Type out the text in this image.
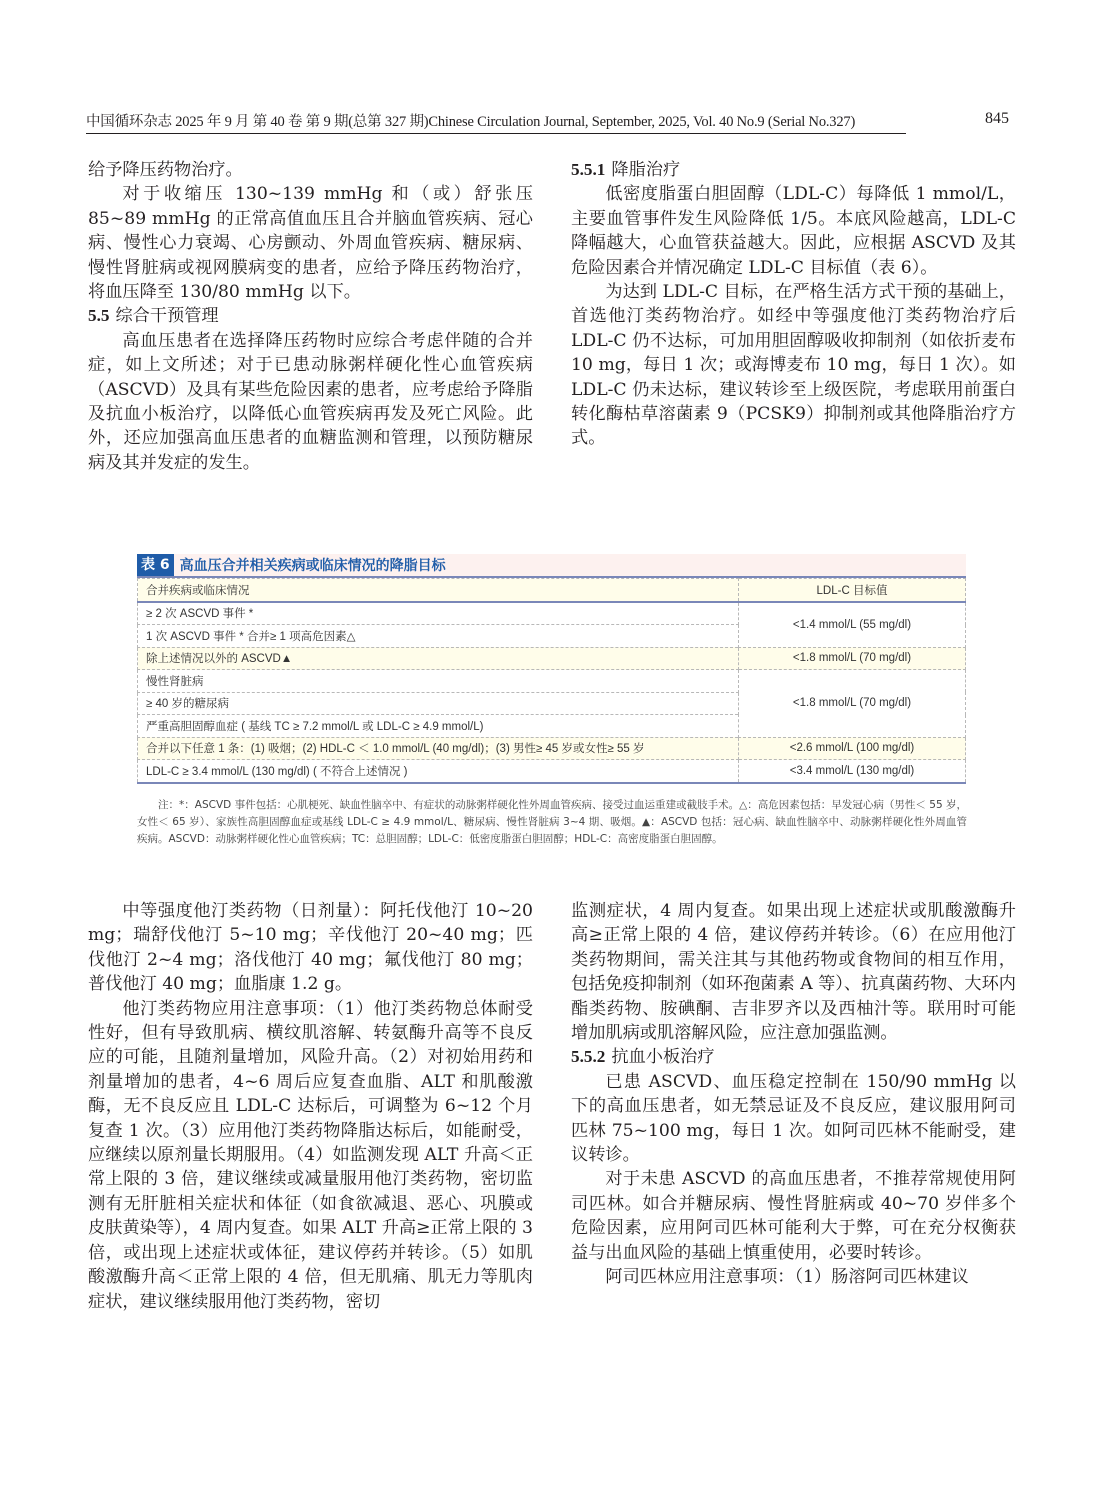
中国循环杂志 2025 年 9 月 第 40 卷 第 9 期(总第 327 期)Chinese Circulation Journal, September, 2025, Vol. 40 No.9 (Serial No.327)	845

给予降压药物治疗。

对于收缩压 130~139 mmHg 和（或）舒张压 85~89 mmHg 的正常高值血压且合并脑血管疾病、冠心病、慢性心力衰竭、心房颤动、外周血管疾病、糖尿病、慢性肾脏病或视网膜病变的患者，应给予降压药物治疗，将血压降至 130/80 mmHg 以下。

5.5 综合干预管理

高血压患者在选择降压药物时应综合考虑伴随的合并症，如上文所述；对于已患动脉粥样硬化性心血管疾病（ASCVD）及具有某些危险因素的患者，应考虑给予降脂及抗血小板治疗，以降低心血管疾病再发及死亡风险。此外，还应加强高血压患者的血糖监测和管理，以预防糖尿病及其并发症的发生。

5.5.1 降脂治疗

低密度脂蛋白胆固醇（LDL-C）每降低 1 mmol/L，主要血管事件发生风险降低 1/5。本底风险越高，LDL-C 降幅越大，心血管获益越大。因此，应根据 ASCVD 及其危险因素合并情况确定 LDL-C 目标值（表 6）。

为达到 LDL-C 目标，在严格生活方式干预的基础上，首选他汀类药物治疗。如经中等强度他汀类药物治疗后 LDL-C 仍不达标，可加用胆固醇吸收抑制剂（如依折麦布 10 mg，每日 1 次；或海博麦布 10 mg，每日 1 次）。如 LDL-C 仍未达标，建议转诊至上级医院，考虑联用前蛋白转化酶枯草溶菌素 9（PCSK9）抑制剂或其他降脂治疗方式。

表 6 高血压合并相关疾病或临床情况的降脂目标
合并疾病或临床情况	LDL-C 目标值
≥ 2 次 ASCVD 事件 *	<1.4 mmol/L (55 mg/dl)
1 次 ASCVD 事件 * 合并≥ 1 项高危因素△	
除上述情况以外的 ASCVD▲	<1.8 mmol/L (70 mg/dl)
慢性肾脏病	<1.8 mmol/L (70 mg/dl)
≥ 40 岁的糖尿病	
严重高胆固醇血症 ( 基线 TC ≥ 7.2 mmol/L 或 LDL-C ≥ 4.9 mmol/L)	
合并以下任意 1 条：(1) 吸烟；(2) HDL-C ＜ 1.0 mmol/L (40 mg/dl)；(3) 男性≥ 45 岁或女性≥ 55 岁	<2.6 mmol/L (100 mg/dl)
LDL-C ≥ 3.4 mmol/L (130 mg/dl) ( 不符合上述情况 )	<3.4 mmol/L (130 mg/dl)

注：*：ASCVD 事件包括：心肌梗死、缺血性脑卒中、有症状的动脉粥样硬化性外周血管疾病、接受过血运重建或截肢手术。△：高危因素包括：早发冠心病（男性＜ 55 岁，女性＜ 65 岁）、家族性高胆固醇血症或基线 LDL-C ≥ 4.9 mmol/L、糖尿病、慢性肾脏病 3~4 期、吸烟。▲：ASCVD 包括：冠心病、缺血性脑卒中、动脉粥样硬化性外周血管疾病。ASCVD：动脉粥样硬化性心血管疾病；TC：总胆固醇；LDL-C：低密度脂蛋白胆固醇；HDL-C：高密度脂蛋白胆固醇。

中等强度他汀类药物（日剂量）：阿托伐他汀 10~20 mg；瑞舒伐他汀 5~10 mg；辛伐他汀 20~40 mg；匹伐他汀 2~4 mg；洛伐他汀 40 mg；氟伐他汀 80 mg；普伐他汀 40 mg；血脂康 1.2 g。

他汀类药物应用注意事项：（1）他汀类药物总体耐受性好，但有导致肌病、横纹肌溶解、转氨酶升高等不良反应的可能，且随剂量增加，风险升高。（2）对初始用药和剂量增加的患者，4~6 周后应复查血脂、ALT 和肌酸激酶，无不良反应且 LDL-C 达标后，可调整为 6~12 个月复查 1 次。（3）应用他汀类药物降脂达标后，如能耐受，应继续以原剂量长期服用。（4）如监测发现 ALT 升高＜正常上限的 3 倍，建议继续或减量服用他汀类药物，密切监测有无肝脏相关症状和体征（如食欲减退、恶心、巩膜或皮肤黄染等），4 周内复查。如果 ALT 升高≥正常上限的 3 倍，或出现上述症状或体征，建议停药并转诊。（5）如肌酸激酶升高＜正常上限的 4 倍，但无肌痛、肌无力等肌肉症状，建议继续服用他汀类药物，密切

监测症状，4 周内复查。如果出现上述症状或肌酸激酶升高≥正常上限的 4 倍，建议停药并转诊。（6）在应用他汀类药物期间，需关注其与其他药物或食物间的相互作用，包括免疫抑制剂（如环孢菌素 A 等）、抗真菌药物、大环内酯类药物、胺碘酮、吉非罗齐以及西柚汁等。联用时可能增加肌病或肌溶解风险，应注意加强监测。

5.5.2 抗血小板治疗

已患 ASCVD、血压稳定控制在 150/90 mmHg 以下的高血压患者，如无禁忌证及不良反应，建议服用阿司匹林 75~100 mg，每日 1 次。如阿司匹林不能耐受，建议转诊。

对于未患 ASCVD 的高血压患者，不推荐常规使用阿司匹林。如合并糖尿病、慢性肾脏病或 40~70 岁伴多个危险因素，应用阿司匹林可能利大于弊，可在充分权衡获益与出血风险的基础上慎重使用，必要时转诊。

阿司匹林应用注意事项：（1）肠溶阿司匹林建议
